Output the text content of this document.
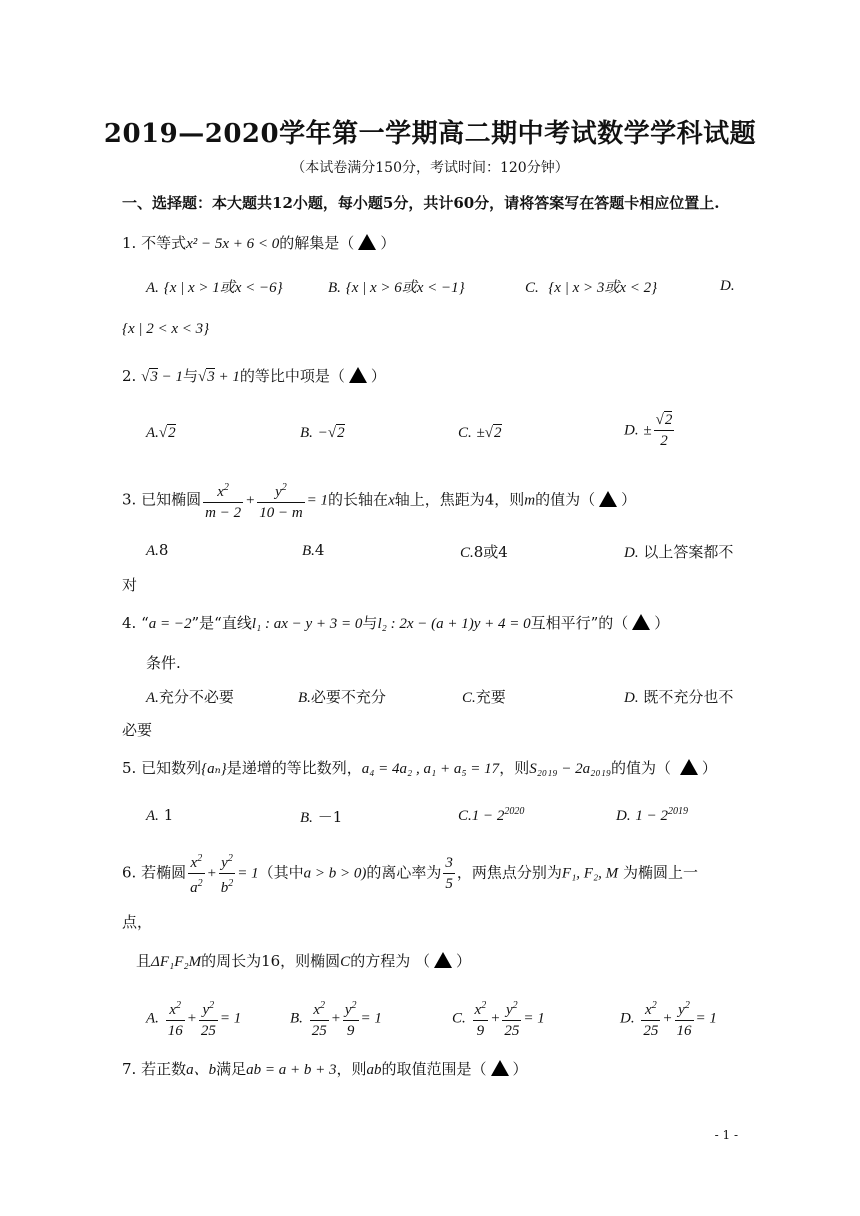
2019—2020学年第一学期高二期中考试数学学科试题
（本试卷满分150分，考试时间：120分钟）
一、选择题：本大题共12小题，每小题5分，共计60分，请将答案写在答题卡相应位置上.
1. 不等式x² − 5x + 6 < 0的解集是（ ）
A. {x | x > 1或x < −6}	B. {x | x > 6或x < −1}	C. {x | x > 3或x < 2}	D.
{x | 2 < x < 3}
2. √3 − 1与√3 + 1的等比中项是（ ）
A.√2	B. −√2	C. ±√2	D. ± $\frac{√2}{2}$
3. 已知椭圆 $\frac{x^2}{m - 2} + \frac{y^2}{10 - m} = 1$的长轴在x轴上，焦距为4，则m的值为（ ）
A.8	B.4	C.8或4	D. 以上答案都不
对
4. “a = −2”是“直线l₁ : ax − y + 3 = 0与l₂ : 2x − (a + 1)y + 4 = 0互相平行”的（ ）
条件.
A.充分不必要	B.必要不充分	C.充要	D. 既不充分也不
必要
5. 已知数列{aₙ}是递增的等比数列，a₄ = 4a₂ , a₁ + a₅ = 17，则S₂₀₁₉ − 2a₂₀₁₉的值为（ ）
A. 1	B. －1	$C.1 - 2^{2020}$	D. $1 - 2^{2019}$
6. 若椭圆 $\frac{x^2}{a^2} + \frac{y^2}{b^2} = 1$（其中a > b > 0)的离心率为 $\frac{3}{5}$ ，两焦点分别为F₁, F₂, M 为椭圆上一
点，
且ΔF₁F₂M的周长为16，则椭圆C的方程为 （ ）
A. $\frac{x^2}{16} + \frac{y^2}{25} = 1$	B. $\frac{x^2}{25} + \frac{y^2}{9} = 1$	C. $\frac{x^2}{9} + \frac{y^2}{25} = 1$	D. $\frac{x^2}{25} + \frac{y^2}{16} = 1$
7. 若正数a、b满足ab = a + b + 3，则ab的取值范围是（ ）
- 1 -
